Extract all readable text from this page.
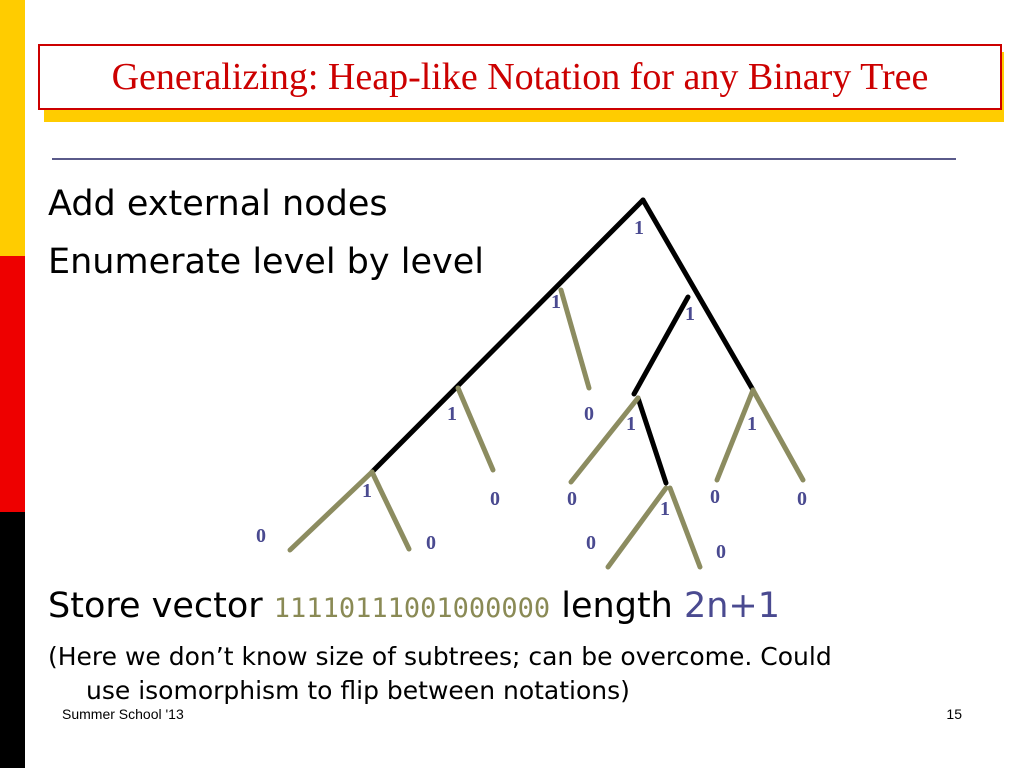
Generalizing: Heap-like Notation for any Binary Tree
Add external nodes
Enumerate level by level
1
1
1
1	1	1
1
1
0
0	0	0	0
0	0	0	0
Store vector 11110111001000000 length 2n+1
(Here we don’t know size of subtrees; can be overcome. Could
use isomorphism to flip between notations)
Summer School '13	15
